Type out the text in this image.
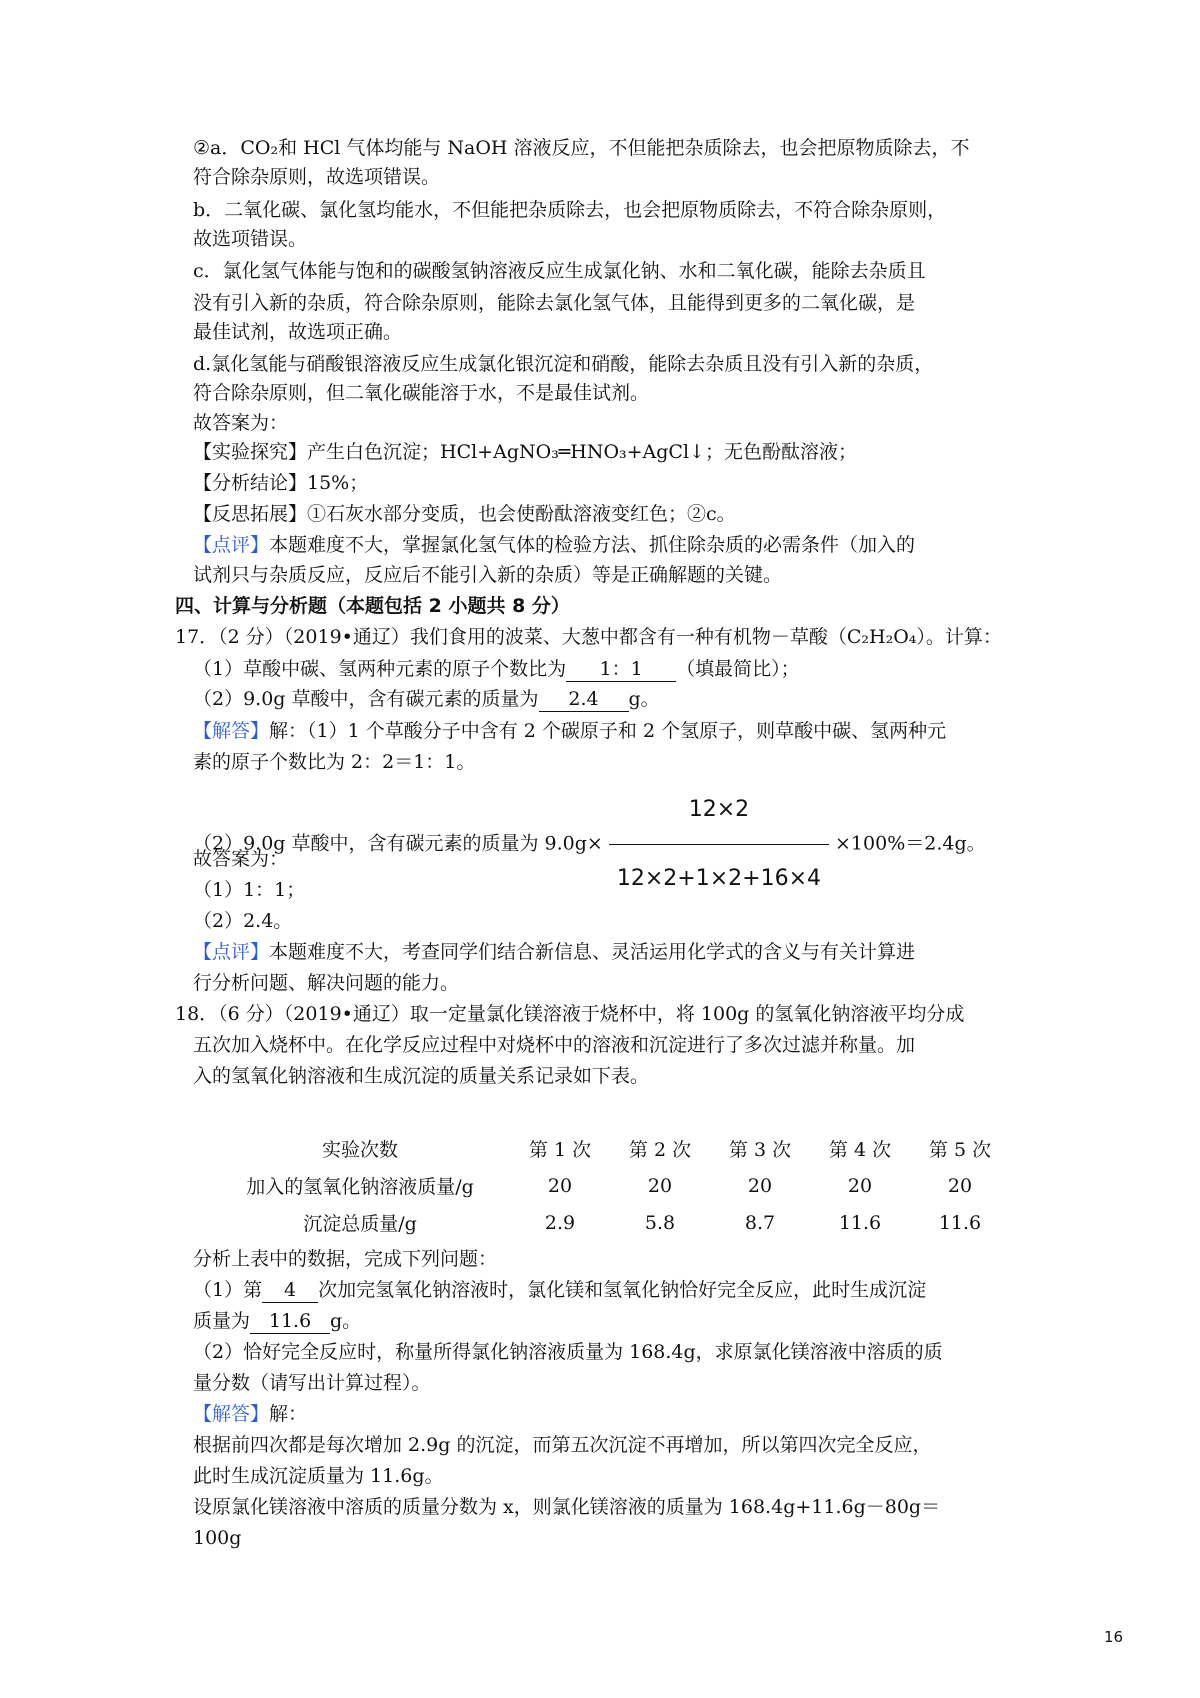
②a．CO₂和 HCl 气体均能与 NaOH 溶液反应，不但能把杂质除去，也会把原物质除去，不
符合除杂原则，故选项错误。
b．二氧化碳、氯化氢均能水，不但能把杂质除去，也会把原物质除去，不符合除杂原则，
故选项错误。
c．氯化氢气体能与饱和的碳酸氢钠溶液反应生成氯化钠、水和二氧化碳，能除去杂质且
没有引入新的杂质，符合除杂原则，能除去氯化氢气体，且能得到更多的二氧化碳，是
最佳试剂，故选项正确。
d.氯化氢能与硝酸银溶液反应生成氯化银沉淀和硝酸，能除去杂质且没有引入新的杂质，
符合除杂原则，但二氧化碳能溶于水，不是最佳试剂。
故答案为：
【实验探究】产生白色沉淀；HCl+AgNO₃═HNO₃+AgCl↓；无色酚酞溶液；
【分析结论】15%；
【反思拓展】①石灰水部分变质，也会使酚酞溶液变红色；②c。
【点评】本题难度不大，掌握氯化氢气体的检验方法、抓住除杂质的必需条件（加入的
试剂只与杂质反应，反应后不能引入新的杂质）等是正确解题的关键。
四、计算与分析题（本题包括 2 小题共 8 分）
17．（2 分）（2019•通辽）我们食用的波菜、大葱中都含有一种有机物－草酸（C₂H₂O₄）。计算：
（1）草酸中碳、氢两种元素的原子个数比为 1：1 （填最简比）；
（2）9.0g 草酸中，含有碳元素的质量为 2.4 g。
【解答】解：（1）1 个草酸分子中含有 2 个碳原子和 2 个氢原子，则草酸中碳、氢两种元
素的原子个数比为 2：2＝1：1。
（2）9.0g 草酸中，含有碳元素的质量为 $9.0g\times \frac{12\times 2}{12\times 2+1\times 2+16\times 4} \times 100\%=2.4g$。
故答案为：
（1）1：1；
（2）2.4。
【点评】本题难度不大，考查同学们结合新信息、灵活运用化学式的含义与有关计算进
行分析问题、解决问题的能力。
18．（6 分）（2019•通辽）取一定量氯化镁溶液于烧杯中，将 100g 的氢氧化钠溶液平均分成
五次加入烧杯中。在化学反应过程中对烧杯中的溶液和沉淀进行了多次过滤并称量。加
入的氢氧化钠溶液和生成沉淀的质量关系记录如下表。
实验次数	第 1 次	第 2 次	第 3 次	第 4 次	第 5 次
加入的氢氧化钠溶液质量/g	20	20	20	20	20
沉淀总质量/g	2.9	5.8	8.7	11.6	11.6
分析上表中的数据，完成下列问题：
（1）第 4 次加完氢氧化钠溶液时，氯化镁和氢氧化钠恰好完全反应，此时生成沉淀
质量为 11.6 g。
（2）恰好完全反应时，称量所得氯化钠溶液质量为 168.4g，求原氯化镁溶液中溶质的质
量分数（请写出计算过程）。
【解答】解：
根据前四次都是每次增加 2.9g 的沉淀，而第五次沉淀不再增加，所以第四次完全反应，
此时生成沉淀质量为 11.6g。
设原氯化镁溶液中溶质的质量分数为 x，则氯化镁溶液的质量为 168.4g+11.6g－80g＝
100g
16
